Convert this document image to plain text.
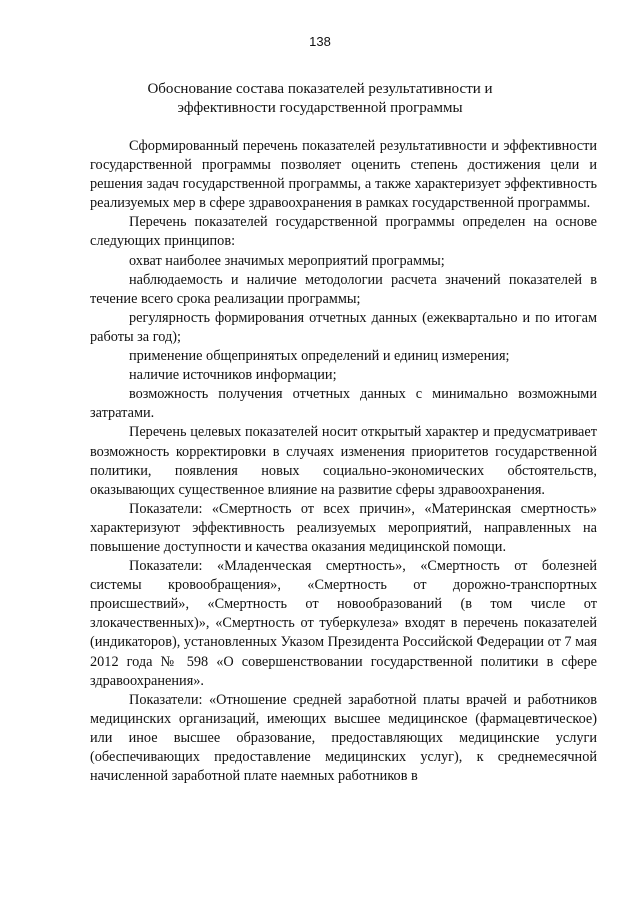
138
Обоснование состава показателей результативности и эффективности государственной программы

Сформированный перечень показателей результативности и эффективности государственной программы позволяет оценить степень достижения цели и решения задач государственной программы, а также характеризует эффективность реализуемых мер в сфере здравоохранения в рамках государственной программы.

Перечень показателей государственной программы определен на основе следующих принципов:

охват наиболее значимых мероприятий программы;

наблюдаемость и наличие методологии расчета значений показателей в течение всего срока реализации программы;

регулярность формирования отчетных данных (ежеквартально и по итогам работы за год);

применение общепринятых определений и единиц измерения;

наличие источников информации;

возможность получения отчетных данных с минимально возможными затратами.

Перечень целевых показателей носит открытый характер и предусматривает возможность корректировки в случаях изменения приоритетов государственной политики, появления новых социально-экономических обстоятельств, оказывающих существенное влияние на развитие сферы здравоохранения.

Показатели: «Смертность от всех причин», «Материнская смертность» характеризуют эффективность реализуемых мероприятий, направленных на повышение доступности и качества оказания медицинской помощи.

Показатели: «Младенческая смертность», «Смертность от болезней системы кровообращения», «Смертность от дорожно-транспортных происшествий», «Смертность от новообразований (в том числе от злокачественных)», «Смертность от туберкулеза» входят в перечень показателей (индикаторов), установленных Указом Президента Российской Федерации от 7 мая 2012 года № 598 «О совершенствовании государственной политики в сфере здравоохранения».

Показатели: «Отношение средней заработной платы врачей и работников медицинских организаций, имеющих высшее медицинское (фармацевтическое) или иное высшее образование, предоставляющих медицинские услуги (обеспечивающих предоставление медицинских услуг), к среднемесячной начисленной заработной плате наемных работников в
